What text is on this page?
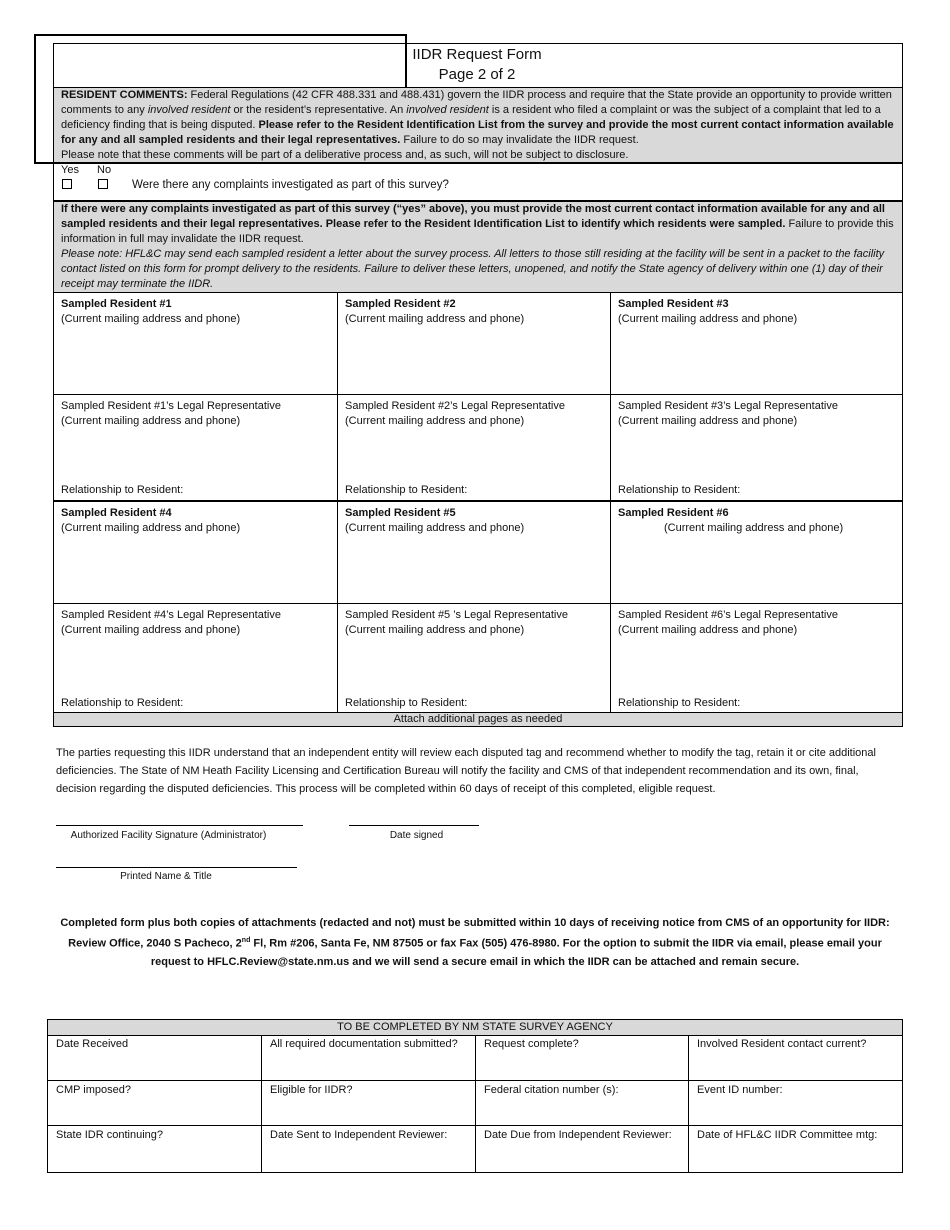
IIDR Request Form
Page 2 of 2
RESIDENT COMMENTS: Federal Regulations (42 CFR 488.331 and 488.431) govern the IIDR process and require that the State provide an opportunity to provide written comments to any involved resident or the resident’s representative. An involved resident is a resident who filed a complaint or was the subject of a complaint that led to a deficiency finding that is being disputed. Please refer to the Resident Identification List from the survey and provide the most current contact information available for any and all sampled residents and their legal representatives. Failure to do so may invalidate the IIDR request.
Please note that these comments will be part of a deliberative process and, as such, will not be subject to disclosure.
Yes No
Were there any complaints investigated as part of this survey?
If there were any complaints investigated as part of this survey (“yes” above), you must provide the most current contact information available for any and all sampled residents and their legal representatives. Please refer to the Resident Identification List to identify which residents were sampled. Failure to provide this information in full may invalidate the IIDR request.
Please note: HFL&C may send each sampled resident a letter about the survey process. All letters to those still residing at the facility will be sent in a packet to the facility contact listed on this form for prompt delivery to the residents. Failure to deliver these letters, unopened, and notify the State agency of delivery within one (1) day of their receipt may terminate the IIDR.
Sampled Resident #1
(Current mailing address and phone)
Sampled Resident #2
(Current mailing address and phone)
Sampled Resident #3
(Current mailing address and phone)
Sampled Resident #1’s Legal Representative
(Current mailing address and phone)
Relationship to Resident:
Sampled Resident #2’s Legal Representative
(Current mailing address and phone)
Relationship to Resident:
Sampled Resident #3’s Legal Representative
(Current mailing address and phone)
Relationship to Resident:
Sampled Resident #4
(Current mailing address and phone)
Sampled Resident #5
(Current mailing address and phone)
Sampled Resident #6
(Current mailing address and phone)
Sampled Resident #4’s Legal Representative
(Current mailing address and phone)
Relationship to Resident:
Sampled Resident #5 ’s Legal Representative
(Current mailing address and phone)
Relationship to Resident:
Sampled Resident #6’s Legal Representative
(Current mailing address and phone)
Relationship to Resident:
Attach additional pages as needed
The parties requesting this IIDR understand that an independent entity will review each disputed tag and recommend whether to modify the tag, retain it or cite additional deficiencies. The State of NM Heath Facility Licensing and Certification Bureau will notify the facility and CMS of that independent recommendation and its own, final, decision regarding the disputed deficiencies. This process will be completed within 60 days of receipt of this completed, eligible request.
Authorized Facility Signature (Administrator)	Date signed
Printed Name & Title
Completed form plus both copies of attachments (redacted and not) must be submitted within 10 days of receiving notice from CMS of an opportunity for IIDR:
Review Office, 2040 S Pacheco, 2nd Fl, Rm #206, Santa Fe, NM 87505 or fax Fax (505) 476-8980. For the option to submit the IIDR via email, please email your
request to HFLC.Review@state.nm.us and we will send a secure email in which the IIDR can be attached and remain secure.
TO BE COMPLETED BY NM STATE SURVEY AGENCY
Date Received	All required documentation submitted?	Request complete?	Involved Resident contact current?
CMP imposed?	Eligible for IIDR?	Federal citation number (s):	Event ID number:
State IDR continuing?	Date Sent to Independent Reviewer:	Date Due from Independent Reviewer:	Date of HFL&C IIDR Committee mtg:
